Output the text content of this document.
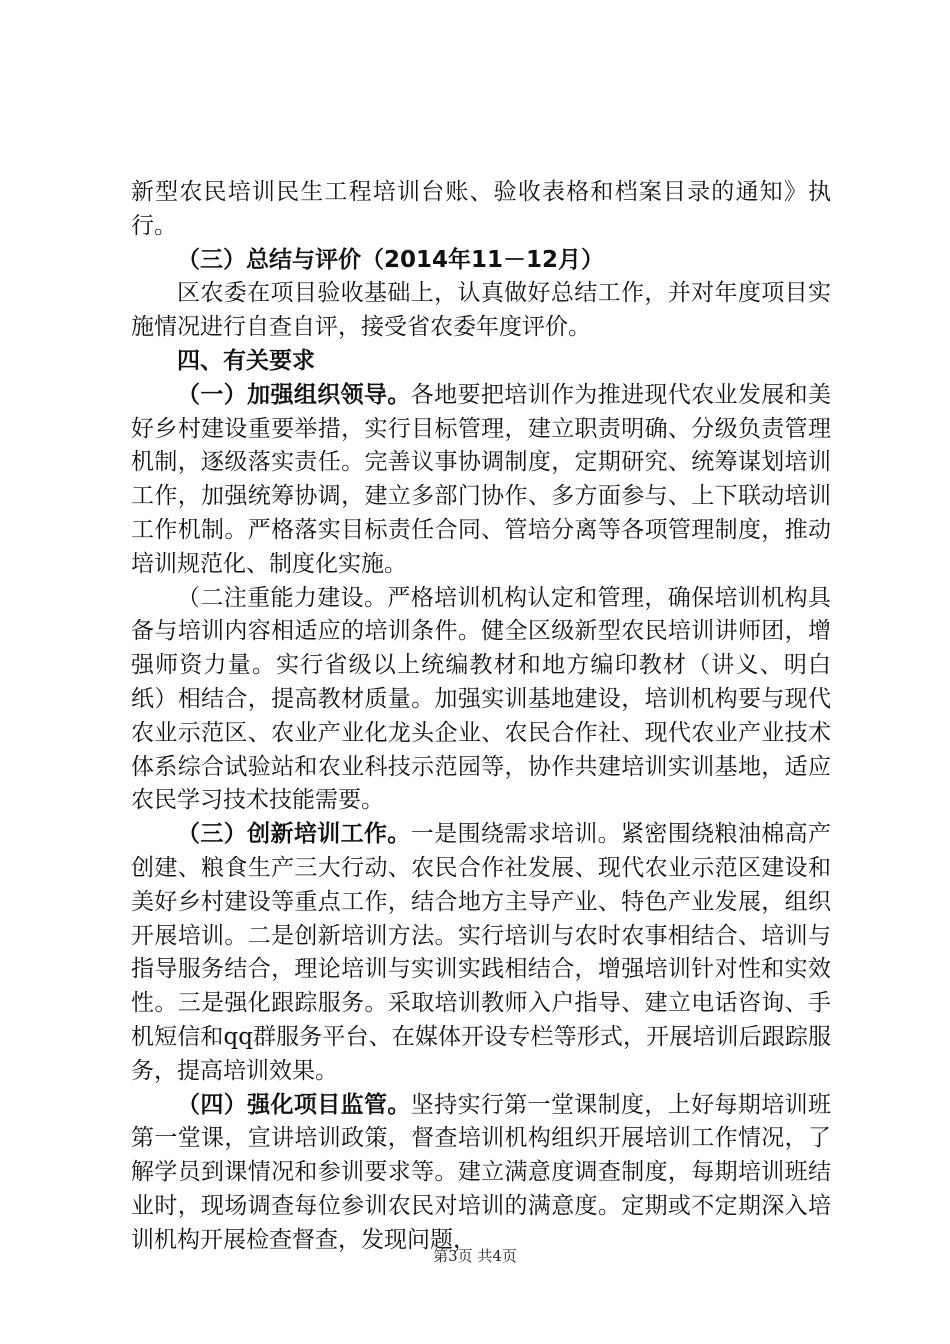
新型农民培训民生工程培训台账、验收表格和档案目录的通知》执行。

（三）总结与评价（2014年11－12月）

区农委在项目验收基础上，认真做好总结工作，并对年度项目实施情况进行自查自评，接受省农委年度评价。

四、有关要求

（一）加强组织领导。各地要把培训作为推进现代农业发展和美好乡村建设重要举措，实行目标管理，建立职责明确、分级负责管理机制，逐级落实责任。完善议事协调制度，定期研究、统筹谋划培训工作，加强统筹协调，建立多部门协作、多方面参与、上下联动培训工作机制。严格落实目标责任合同、管培分离等各项管理制度，推动培训规范化、制度化实施。

（二注重能力建设。严格培训机构认定和管理，确保培训机构具备与培训内容相适应的培训条件。健全区级新型农民培训讲师团，增强师资力量。实行省级以上统编教材和地方编印教材（讲义、明白纸）相结合，提高教材质量。加强实训基地建设，培训机构要与现代农业示范区、农业产业化龙头企业、农民合作社、现代农业产业技术体系综合试验站和农业科技示范园等，协作共建培训实训基地，适应农民学习技术技能需要。

（三）创新培训工作。一是围绕需求培训。紧密围绕粮油棉高产创建、粮食生产三大行动、农民合作社发展、现代农业示范区建设和美好乡村建设等重点工作，结合地方主导产业、特色产业发展，组织开展培训。二是创新培训方法。实行培训与农时农事相结合、培训与指导服务结合，理论培训与实训实践相结合，增强培训针对性和实效性。三是强化跟踪服务。采取培训教师入户指导、建立电话咨询、手机短信和qq群服务平台、在媒体开设专栏等形式，开展培训后跟踪服务，提高培训效果。

（四）强化项目监管。坚持实行第一堂课制度，上好每期培训班第一堂课，宣讲培训政策，督查培训机构组织开展培训工作情况，了解学员到课情况和参训要求等。建立满意度调查制度，每期培训班结业时，现场调查每位参训农民对培训的满意度。定期或不定期深入培训机构开展检查督查，发现问题，

第3页 共4页
